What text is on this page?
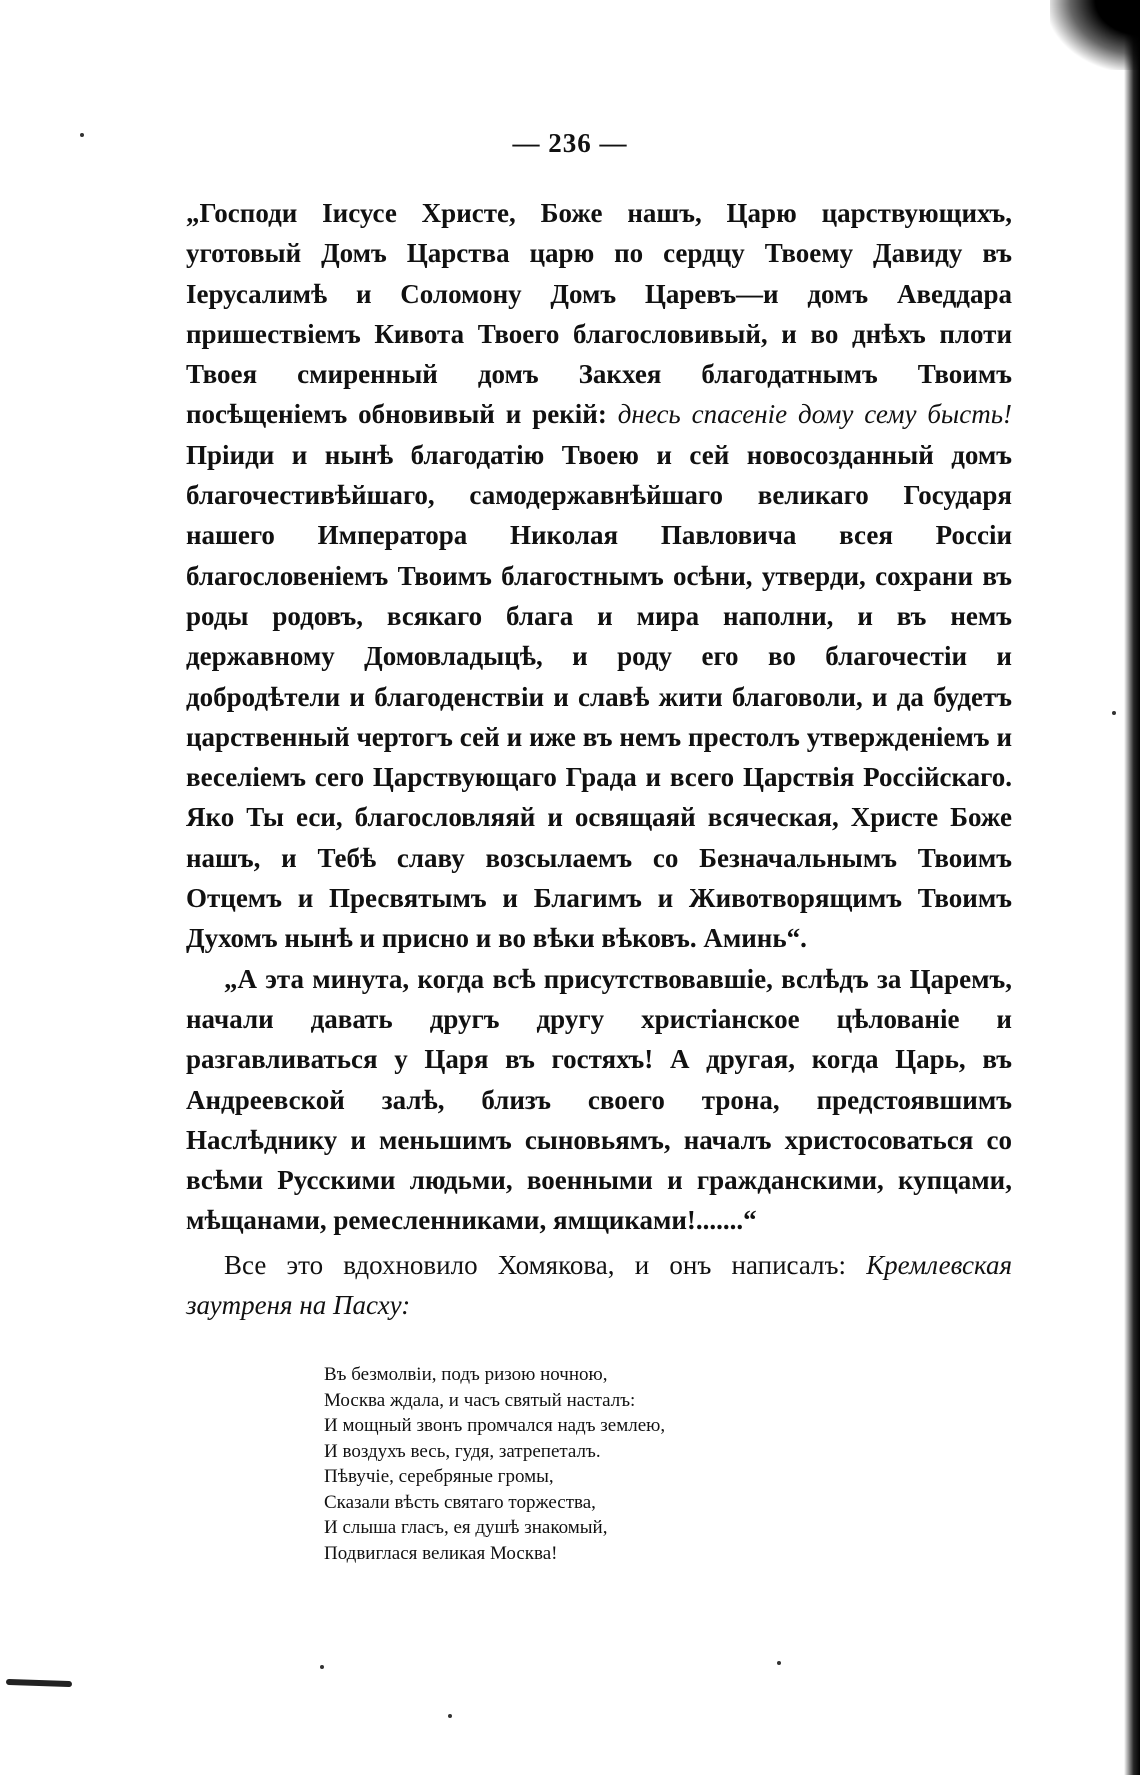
— 236 —

„Господи Іисусе Христе, Боже нашъ, Царю царствующихъ, уготовый Домъ Царства царю по сердцу Твоему Давиду въ Іерусалимѣ и Соломону Домъ Царевъ—и домъ Аведдара пришествіемъ Кивота Твоего благословивый, и во днѣхъ плоти Твоея смиренный домъ Закхея благодатнымъ Твоимъ посѣщеніемъ обновивый и рекій: днесь спасеніе дому сему бысть! Пріиди и нынѣ благодатію Твоею и сей новосозданный домъ благочестивѣйшаго, самодержавнѣйшаго великаго Государя нашего Императора Николая Павловича всея Россіи благословеніемъ Твоимъ благостнымъ осѣни, утверди, сохрани въ роды родовъ, всякаго блага и мира наполни, и въ немъ державному Домовладыцѣ, и роду его во благочестіи и добродѣтели и благоденствіи и славѣ жити благоволи, и да будетъ царственный чертогъ сей и иже въ немъ престолъ утвержденіемъ и веселіемъ сего Царствующаго Града и всего Царствія Россійскаго. Яко Ты еси, благословляяй и освящаяй всяческая, Христе Боже нашъ, и Тебѣ славу возсылаемъ со Безначальнымъ Твоимъ Отцемъ и Пресвятымъ и Благимъ и Животворящимъ Твоимъ Духомъ нынѣ и присно и во вѣки вѣковъ. Аминь“.

„А эта минута, когда всѣ присутствовавшіе, вслѣдъ за Царемъ, начали давать другъ другу христіанское цѣлованіе и разгавливаться у Царя въ гостяхъ! А другая, когда Царь, въ Андреевской залѣ, близъ своего трона, предстоявшимъ Наслѣднику и меньшимъ сыновьямъ, началъ христосоваться со всѣми Русскими людьми, военными и гражданскими, купцами, мѣщанами, ремесленниками, ямщиками!.......“

Все это вдохновило Хомякова, и онъ написалъ: Кремлевская заутреня на Пасху:

Въ безмолвіи, подъ ризою ночною,
Москва ждала, и часъ святый насталъ:
И мощный звонъ промчался надъ землею,
И воздухъ весь, гудя, затрепеталъ.
Пѣвучіе, серебряные громы,
Сказали вѣсть святаго торжества,
И слыша гласъ, ея душѣ знакомый,
Подвиглася великая Москва!
